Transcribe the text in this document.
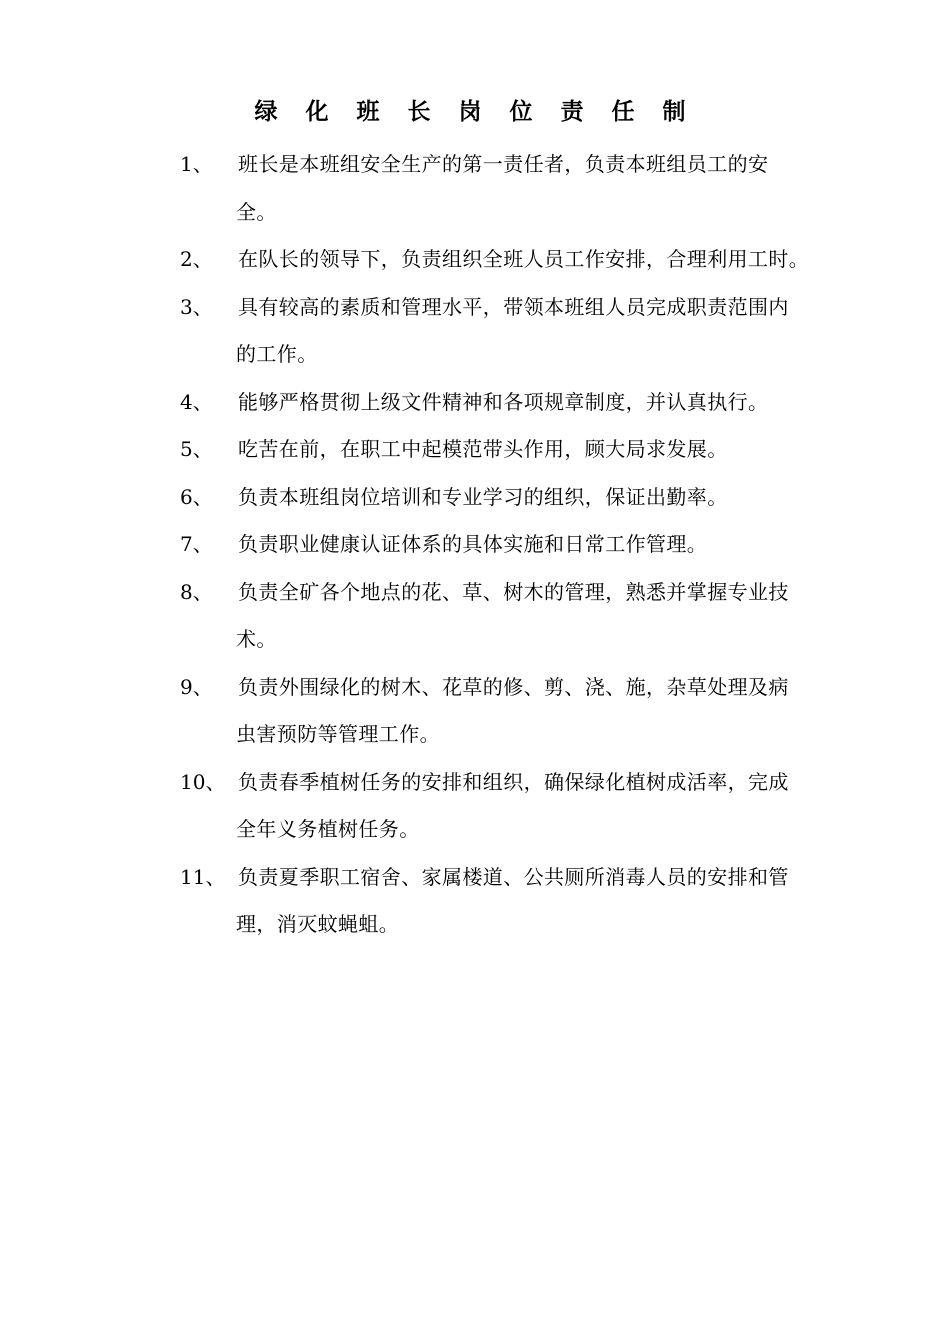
绿 化 班 长 岗 位 责 任 制
1、	班长是本班组安全生产的第一责任者，负责本班组员工的安
全。
2、	在队长的领导下，负责组织全班人员工作安排，合理利用工时。
3、	具有较高的素质和管理水平，带领本班组人员完成职责范围内
的工作。
4、	能够严格贯彻上级文件精神和各项规章制度，并认真执行。
5、	吃苦在前，在职工中起模范带头作用，顾大局求发展。
6、	负责本班组岗位培训和专业学习的组织，保证出勤率。
7、	负责职业健康认证体系的具体实施和日常工作管理。
8、	负责全矿各个地点的花、草、树木的管理，熟悉并掌握专业技
术。
9、	负责外围绿化的树木、花草的修、剪、浇、施，杂草处理及病
虫害预防等管理工作。
10、 负责春季植树任务的安排和组织，确保绿化植树成活率，完成
全年义务植树任务。
11、 负责夏季职工宿舍、家属楼道、公共厕所消毒人员的安排和管
理，消灭蚊蝇蛆。
